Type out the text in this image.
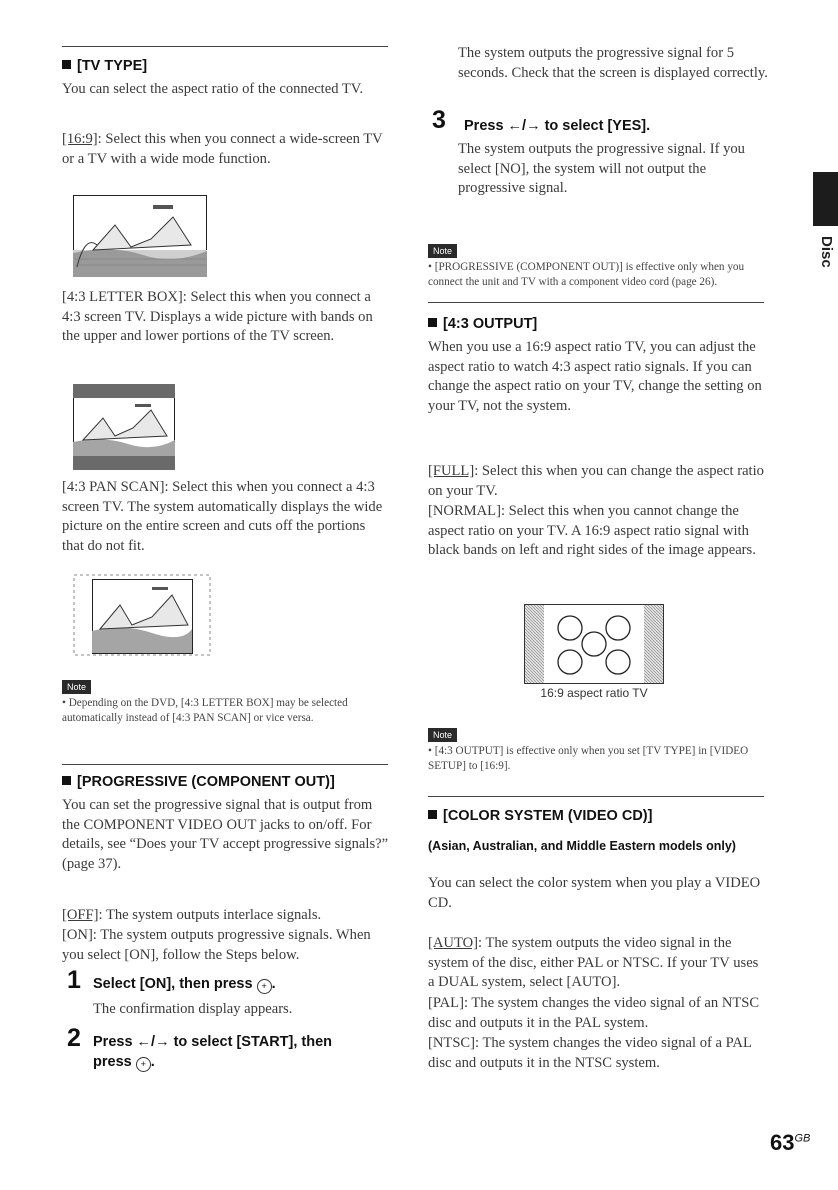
[TV TYPE]

You can select the aspect ratio of the connected TV.

[16:9]: Select this when you connect a wide-screen TV or a TV with a wide mode function.

[4:3 LETTER BOX]: Select this when you connect a 4:3 screen TV. Displays a wide picture with bands on the upper and lower portions of the TV screen.

[4:3 PAN SCAN]: Select this when you connect a 4:3 screen TV. The system automatically displays the wide picture on the entire screen and cuts off the portions that do not fit.

Note

• Depending on the DVD, [4:3 LETTER BOX] may be selected automatically instead of [4:3 PAN SCAN] or vice versa.

[PROGRESSIVE (COMPONENT OUT)]

You can set the progressive signal that is output from the COMPONENT VIDEO OUT jacks to on/off. For details, see “Does your TV accept progressive signals?” (page 37).

[OFF]: The system outputs interlace signals.

[ON]: The system outputs progressive signals. When you select [ON], follow the Steps below.

1 Select [ON], then press + .

The confirmation display appears.

2 Press ←/→ to select [START], then
press + .

The system outputs the progressive signal for 5 seconds. Check that the screen is displayed correctly.

3 Press ←/→ to select [YES].

The system outputs the progressive signal. If you select [NO], the system will not output the progressive signal.

Note

• [PROGRESSIVE (COMPONENT OUT)] is effective only when you connect the unit and TV with a component video cord (page 26).

[4:3 OUTPUT]

When you use a 16:9 aspect ratio TV, you can adjust the aspect ratio to watch 4:3 aspect ratio signals. If you can change the aspect ratio on your TV, change the setting on your TV, not the system.

[FULL]: Select this when you can change the aspect ratio on your TV.

[NORMAL]: Select this when you cannot change the aspect ratio on your TV. A 16:9 aspect ratio signal with black bands on left and right sides of the image appears.

16:9 aspect ratio TV
Note

• [4:3 OUTPUT] is effective only when you set [TV TYPE] in [VIDEO SETUP] to [16:9].

[COLOR SYSTEM (VIDEO CD)]
(Asian, Australian, and Middle Eastern models only)

You can select the color system when you play a VIDEO CD.

[AUTO]: The system outputs the video signal in the system of the disc, either PAL or NTSC. If your TV uses a DUAL system, select [AUTO].

[PAL]: The system changes the video signal of an NTSC disc and outputs it in the PAL system.

[NTSC]: The system changes the video signal of a PAL disc and outputs it in the NTSC system.

Disc
$63^{GB}$
